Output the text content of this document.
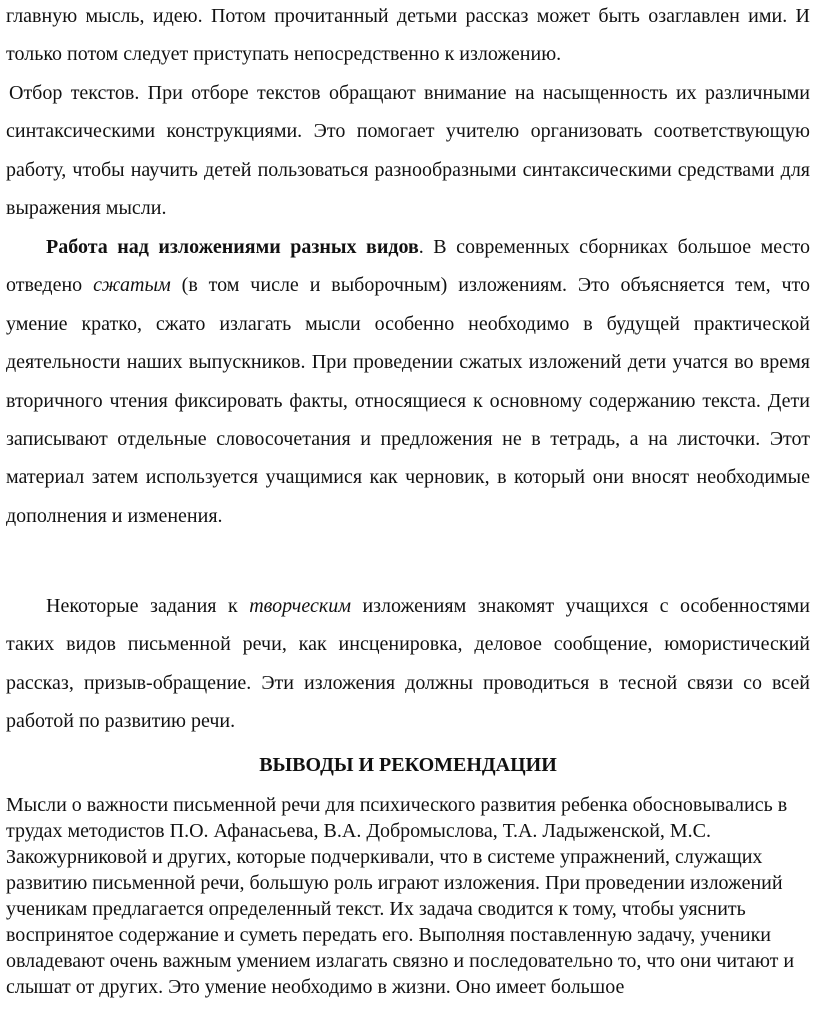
главную мысль, идею. Потом прочитанный детьми рассказ может быть озаглавлен ими. И только потом следует приступать непосредственно к изложению.

Отбор текстов. При отборе текстов обращают внимание на насыщенность их различными синтаксическими конструкциями. Это помогает учителю организовать соответствующую работу, чтобы научить детей пользоваться разнообразными синтаксическими средствами для выражения мысли.

Работа над изложениями разных видов. В современных сборниках большое место отведено сжатым (в том числе и выборочным) изложениям. Это объясняется тем, что умение кратко, сжато излагать мысли особенно необходимо в будущей практической деятельности наших выпускников. При проведении сжатых изложений дети учатся во время вторичного чтения фиксировать факты, относящиеся к основному содержанию текста. Дети записывают отдельные словосочетания и предложения не в тетрадь, а на листочки. Этот материал затем используется учащимися как черновик, в который они вносят необходимые дополнения и изменения.

Некоторые задания к творческим изложениям знакомят учащихся с особенностями таких видов письменной речи, как инсценировка, деловое сообщение, юмористический рассказ, призыв-обращение. Эти изложения должны проводиться в тесной связи со всей работой по развитию речи.

ВЫВОДЫ И РЕКОМЕНДАЦИИ

Мысли о важности письменной речи для психического развития ребенка обосновывались в трудах методистов П.О. Афанасьева, В.А. Добромыслова, Т.А. Ладыженской, М.С. Закожурниковой и других, которые подчеркивали, что в системе упражнений, служащих развитию письменной речи, большую роль играют изложения. При проведении изложений ученикам предлагается определенный текст. Их задача сводится к тому, чтобы уяснить воспринятое содержание и суметь передать его. Выполняя поставленную задачу, ученики овладевают очень важным умением излагать связно и последовательно то, что они читают и слышат от других. Это умение необходимо в жизни. Оно имеет большое
